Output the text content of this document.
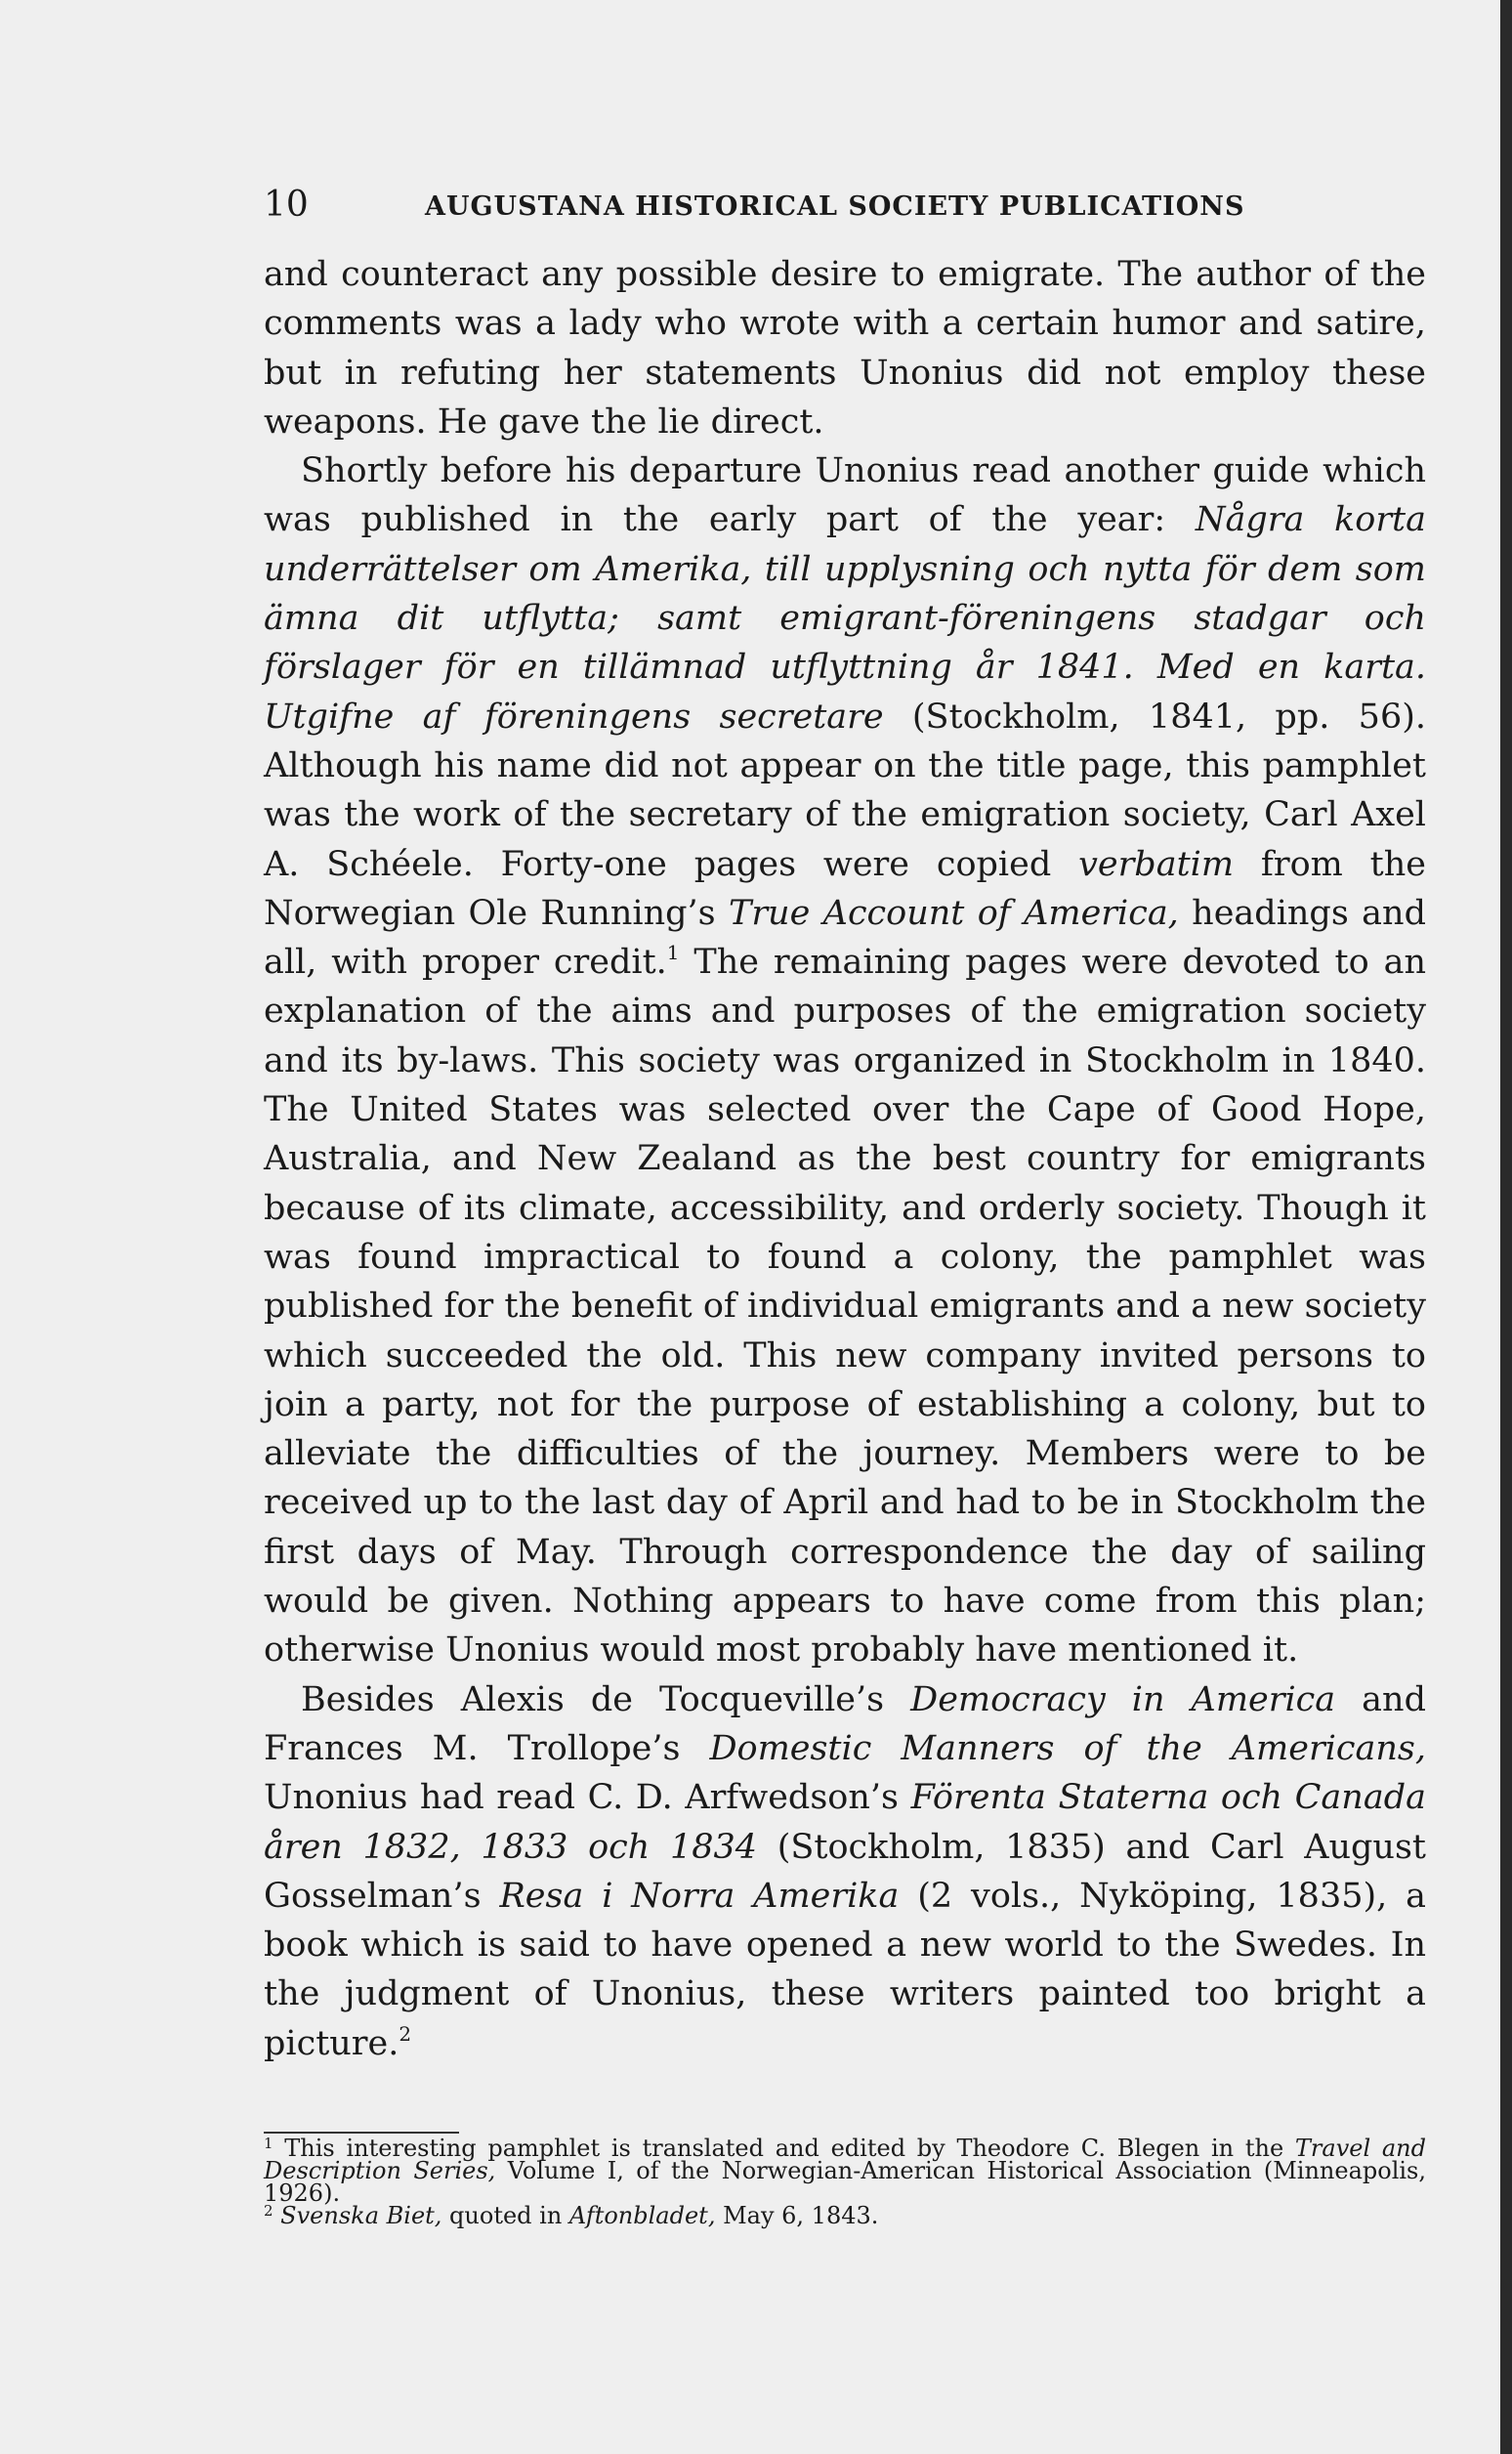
10	AUGUSTANA HISTORICAL SOCIETY PUBLICATIONS

and counteract any possible desire to emigrate. The author of the comments was a lady who wrote with a certain humor and satire, but in refuting her statements Unonius did not employ these weapons. He gave the lie direct.

Shortly before his departure Unonius read another guide which was published in the early part of the year: Några korta underrättelser om Amerika, till upplysning och nytta för dem som ämna dit utflytta; samt emigrant-föreningens stadgar och förslager för en tillämnad utflyttning år 1841. Med en karta. Utgifne af föreningens secretare (Stockholm, 1841, pp. 56). Although his name did not appear on the title page, this pamphlet was the work of the secretary of the emigration society, Carl Axel A. Schéele. Forty-one pages were copied verbatim from the Norwegian Ole Running’s True Account of America, headings and all, with proper credit.$^1$ The remaining pages were devoted to an explanation of the aims and purposes of the emigration society and its by-laws. This society was organized in Stockholm in 1840. The United States was selected over the Cape of Good Hope, Australia, and New Zealand as the best country for emigrants because of its climate, accessibility, and orderly society. Though it was found impractical to found a colony, the pamphlet was published for the benefit of individual emigrants and a new society which succeeded the old. This new company invited persons to join a party, not for the purpose of establishing a colony, but to alleviate the difficulties of the journey. Members were to be received up to the last day of April and had to be in Stockholm the first days of May. Through correspondence the day of sailing would be given. Nothing appears to have come from this plan; otherwise Unonius would most probably have mentioned it.

Besides Alexis de Tocqueville’s Democracy in America and Frances M. Trollope’s Domestic Manners of the Americans, Unonius had read C. D. Arfwedson’s Förenta Staterna och Canada åren 1832, 1833 och 1834 (Stockholm, 1835) and Carl August Gosselman’s Resa i Norra Amerika (2 vols., Nyköping, 1835), a book which is said to have opened a new world to the Swedes. In the judgment of Unonius, these writers painted too bright a picture.$^2$

$^1$ This interesting pamphlet is translated and edited by Theodore C. Blegen in the Travel and Description Series, Volume I, of the Norwegian-American Historical Association (Minneapolis, 1926).

$^2$ Svenska Biet, quoted in Aftonbladet, May 6, 1843.
